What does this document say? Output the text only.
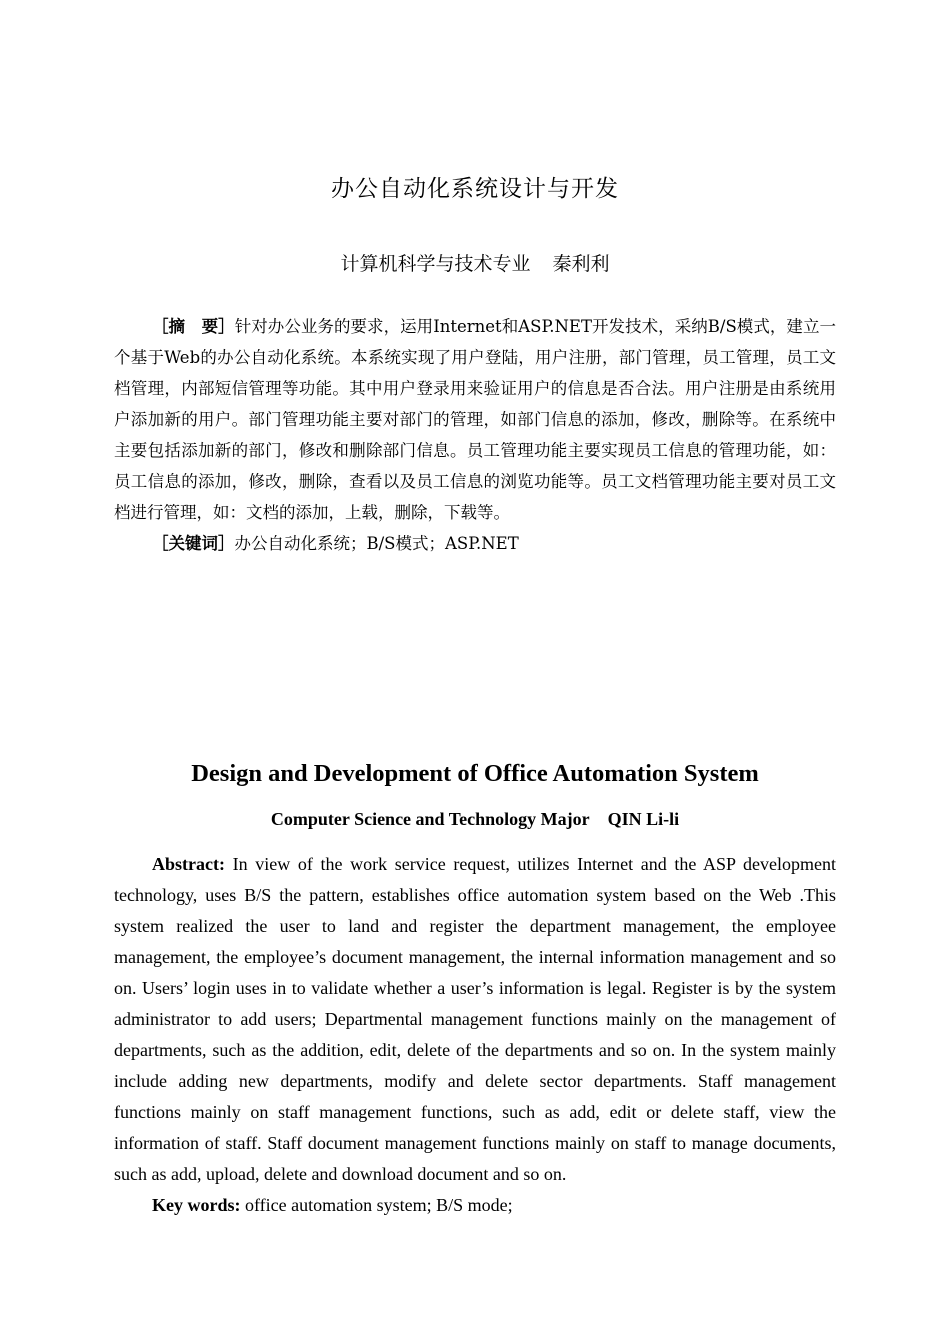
办公自动化系统设计与开发
计算机科学与技术专业 秦利利

［摘　要］针对办公业务的要求，运用Internet和ASP.NET开发技术，采纳B/S模式，建立一个基于Web的办公自动化系统。本系统实现了用户登陆，用户注册，部门管理，员工管理，员工文档管理，内部短信管理等功能。其中用户登录用来验证用户的信息是否合法。用户注册是由系统用户添加新的用户。部门管理功能主要对部门的管理，如部门信息的添加，修改，删除等。在系统中主要包括添加新的部门，修改和删除部门信息。员工管理功能主要实现员工信息的管理功能，如：员工信息的添加，修改，删除，查看以及员工信息的浏览功能等。员工文档管理功能主要对员工文档进行管理，如：文档的添加，上载，删除，下载等。

［关键词］办公自动化系统；B/S模式；ASP.NET

Design and Development of Office Automation System
Computer Science and Technology Major QIN Li-li

Abstract: In view of the work service request, utilizes Internet and the ASP development technology, uses B/S the pattern, establishes office automation system based on the Web .This system realized the user to land and register the department management, the employee management, the employee’s document management, the internal information management and so on. Users’ login uses in to validate whether a user’s information is legal. Register is by the system administrator to add users; Departmental management functions mainly on the management of departments, such as the addition, edit, delete of the departments and so on. In the system mainly include adding new departments, modify and delete sector departments. Staff management functions mainly on staff management functions, such as add, edit or delete staff, view the information of staff. Staff document management functions mainly on staff to manage documents, such as add, upload, delete and download document and so on.

Key words: office automation system; B/S mode;
